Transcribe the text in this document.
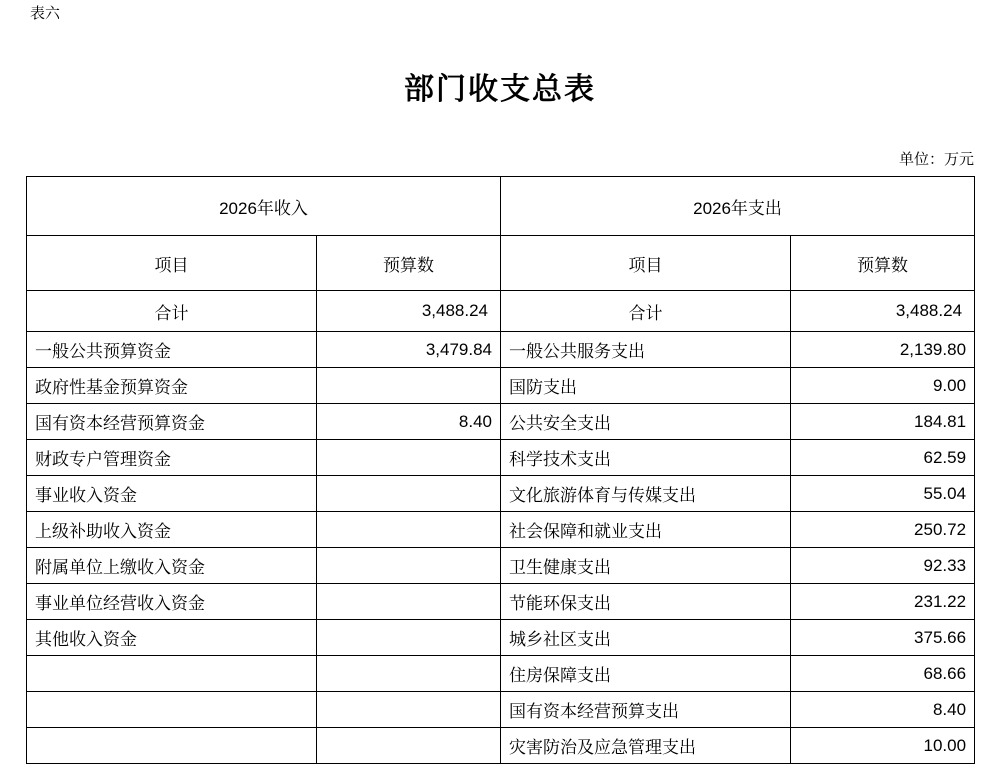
表六
部门收支总表
单位：万元
2026年收入		2026年支出	
项目	预算数	项目	预算数
合计	3,488.24	合计	3,488.24
一般公共预算资金	3,479.84	一般公共服务支出	2,139.80
政府性基金预算资金		国防支出	9.00
国有资本经营预算资金	8.40	公共安全支出	184.81
财政专户管理资金		科学技术支出	62.59
事业收入资金		文化旅游体育与传媒支出	55.04
上级补助收入资金		社会保障和就业支出	250.72
附属单位上缴收入资金		卫生健康支出	92.33
事业单位经营收入资金		节能环保支出	231.22
其他收入资金		城乡社区支出	375.66
		住房保障支出	68.66
		国有资本经营预算支出	8.40
		灾害防治及应急管理支出	10.00
